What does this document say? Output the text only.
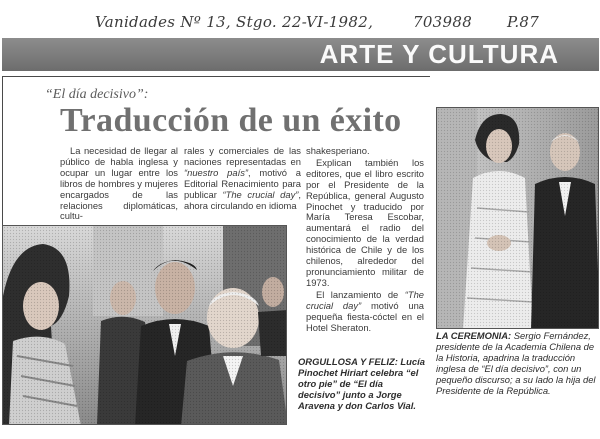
Vanidades Nº 13, Stgo. 22-VI-1982,	703988 P.87
ARTE Y CULTURA
“El día decisivo”:
Traducción de un éxito

La necesidad de llegar al público de habla inglesa y ocupar un lugar entre los libros de hombres y mujeres encargados de las relaciones diplomáticas, cultu-

rales y comerciales de las naciones representadas en “nuestro país”, motivó a Editorial Renacimiento para publicar “The crucial day”, ahora circulando en idioma

shakesperiano.

Explican también los editores, que el libro escrito por el Presidente de la República, general Augusto Pinochet y traducido por María Teresa Escobar, aumentará el radio del conocimiento de la verdad histórica de Chile y de los chilenos, alrededor del pronunciamiento militar de 1973.

El lanzamiento de “The crucial day” motivó una pequeña fiesta-cóctel en el Hotel Sheraton.

ORGULLOSA Y FELIZ: Lucía Pinochet Hiriart celebra “el otro pie” de “El día decisivo” junto a Jorge Aravena y don Carlos Vial.
LA CEREMONIA: Sergio Fernández, presidente de la Academia Chilena de la Historia, apadrina la traducción inglesa de “El día decisivo”, con un pequeño discurso; a su lado la hija del Presidente de la República.
